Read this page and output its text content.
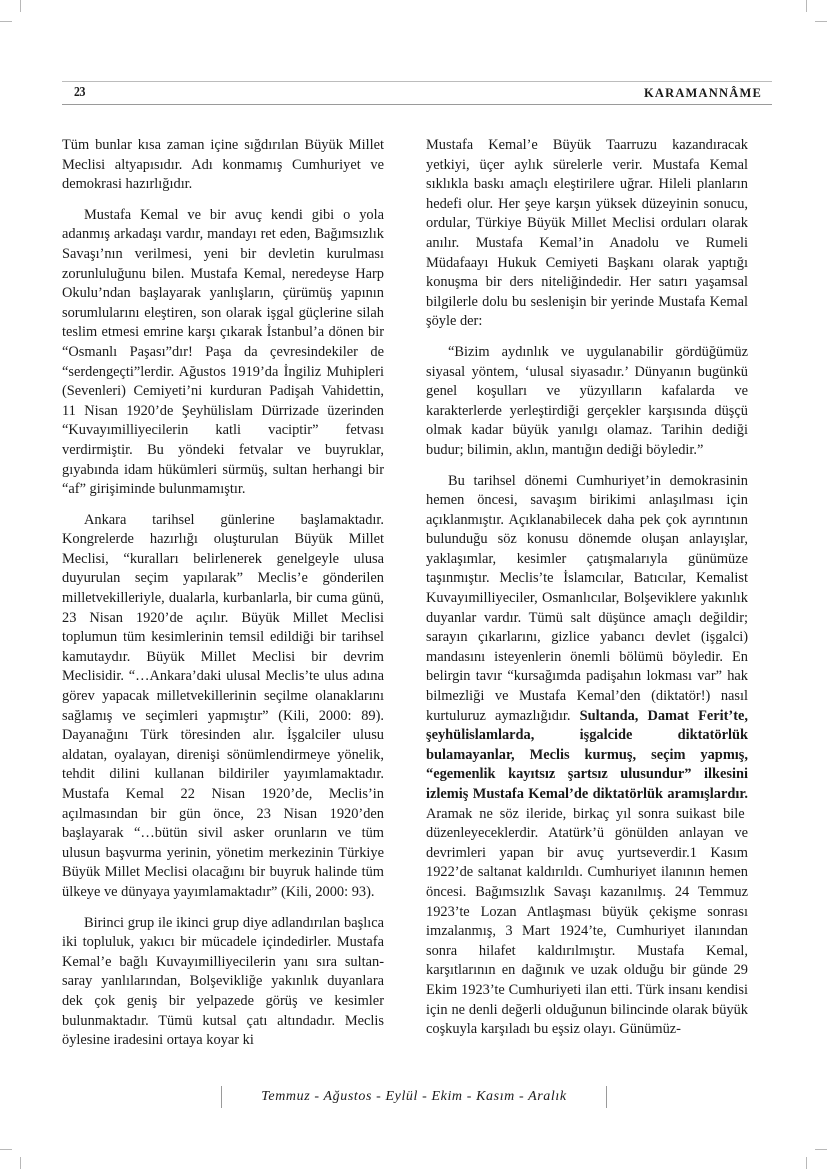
23	KARAMANNÂME

Tüm bunlar kısa zaman içine sığdırılan Büyük Millet Meclisi altyapısıdır. Adı konmamış Cumhuriyet ve demokrasi hazırlığıdır.

Mustafa Kemal ve bir avuç kendi gibi o yola adanmış arkadaşı vardır, mandayı ret eden, Bağımsızlık Savaşı’nın verilmesi, yeni bir devletin kurulması zorunluluğunu bilen. Mustafa Kemal, neredeyse Harp Okulu’ndan başlayarak yanlışların, çürümüş yapının sorumlularını eleştiren, son olarak işgal güçlerine silah teslim etmesi emrine karşı çıkarak İstanbul’a dönen bir “Osmanlı Paşası”dır! Paşa da çevresindekiler de “serdengeçti”lerdir. Ağustos 1919’da İngiliz Muhipleri (Sevenleri) Cemiyeti’ni kurduran Padişah Vahidettin, 11 Nisan 1920’de Şeyhülislam Dürrizade üzerinden “Kuvayımilliyecilerin katli vaciptir” fetvası verdirmiştir. Bu yöndeki fetvalar ve buyruklar, gıyabında idam hükümleri sürmüş, sultan herhangi bir “af” girişiminde bulunmamıştır.

Ankara tarihsel günlerine başlamaktadır. Kongrelerde hazırlığı oluşturulan Büyük Millet Meclisi, “kuralları belirlenerek genelgeyle ulusa duyurulan seçim yapılarak” Meclis’e gönderilen milletvekilleriyle, dualarla, kurbanlarla, bir cuma günü, 23 Nisan 1920’de açılır. Büyük Millet Meclisi toplumun tüm kesimlerinin temsil edildiği bir tarihsel kamutaydır. Büyük Millet Meclisi bir devrim Meclisidir. “…Ankara’daki ulusal Meclis’te ulus adına görev yapacak milletvekillerinin seçilme olanaklarını sağlamış ve seçimleri yapmıştır” (Kili, 2000: 89). Dayanağını Türk töresinden alır. İşgalciler ulusu aldatan, oyalayan, direnişi sönümlendirmeye yönelik, tehdit dilini kullanan bildiriler yayımlamaktadır. Mustafa Kemal 22 Nisan 1920’de, Meclis’in açılmasından bir gün önce, 23 Nisan 1920’den başlayarak “…bütün sivil asker orunların ve tüm ulusun başvurma yerinin, yönetim merkezinin Türkiye Büyük Millet Meclisi olacağını bir buyruk halinde tüm ülkeye ve dünyaya yayımlamaktadır” (Kili, 2000: 93).

Birinci grup ile ikinci grup diye adlandırılan başlıca iki topluluk, yakıcı bir mücadele içindedirler. Mustafa Kemal’e bağlı Kuvayımilliyecilerin yanı sıra sultan-saray yanlılarından, Bolşevikliğe yakınlık duyanlara dek çok geniş bir yelpazede görüş ve kesimler bulunmaktadır. Tümü kutsal çatı altındadır. Meclis öylesine iradesini ortaya koyar ki

Mustafa Kemal’e Büyük Taarruzu kazandıracak yetkiyi, üçer aylık sürelerle verir. Mustafa Kemal sıklıkla baskı amaçlı eleştirilere uğrar. Hileli planların hedefi olur. Her şeye karşın yüksek düzeyinin sonucu, ordular, Türkiye Büyük Millet Meclisi orduları olarak anılır. Mustafa Kemal’in Anadolu ve Rumeli Müdafaayı Hukuk Cemiyeti Başkanı olarak yaptığı konuşma bir ders niteliğindedir. Her satırı yaşamsal bilgilerle dolu bu seslenişin bir yerinde Mustafa Kemal şöyle der:

“Bizim aydınlık ve uygulanabilir gördüğümüz siyasal yöntem, ‘ulusal siyasadır.’ Dünyanın bugünkü genel koşulları ve yüzyılların kafalarda ve karakterlerde yerleştirdiği gerçekler karşısında düşçü olmak kadar büyük yanılgı olamaz. Tarihin dediği budur; bilimin, aklın, mantığın dediği böyledir.”

Bu tarihsel dönemi Cumhuriyet’in demokrasinin hemen öncesi, savaşım birikimi anlaşılması için açıklanmıştır. Açıklanabilecek daha pek çok ayrıntının bulunduğu söz konusu dönemde oluşan anlayışlar, yaklaşımlar, kesimler çatışmalarıyla günümüze taşınmıştır. Meclis’te İslamcılar, Batıcılar, Kemalist Kuvayımilliyeciler, Osmanlıcılar, Bolşeviklere yakınlık duyanlar vardır. Tümü salt düşünce amaçlı değildir; sarayın çıkarlarını, gizlice yabancı devlet (işgalci) mandasını isteyenlerin önemli bölümü böyledir. En belirgin tavır “kursağımda padişahın lokması var” hak bilmezliği ve Mustafa Kemal’den (diktatör!) nasıl kurtuluruz aymazlığıdır. Sultanda, Damat Ferit’te, şeyhülislamlarda, işgalcide diktatörlük bulamayanlar, Meclis kurmuş, seçim yapmış, “egemenlik kayıtsız şartsız ulusundur” ilkesini izlemiş Mustafa Kemal’de diktatörlük aramışlardır. Aramak ne söz ileride, birkaç yıl sonra suikast bile düzenleyeceklerdir. Atatürk’ü gönülden anlayan ve devrimleri yapan bir avuç yurtseverdir.1 Kasım 1922’de saltanat kaldırıldı. Cumhuriyet ilanının hemen öncesi. Bağımsızlık Savaşı kazanılmış. 24 Temmuz 1923’te Lozan Antlaşması büyük çekişme sonrası imzalanmış, 3 Mart 1924’te, Cumhuriyet ilanından sonra hilafet kaldırılmıştır. Mustafa Kemal, karşıtlarının en dağınık ve uzak olduğu bir günde 29 Ekim 1923’te Cumhuriyeti ilan etti. Türk insanı kendisi için ne denli değerli olduğunun bilincinde olarak büyük coşkuyla karşıladı bu eşsiz olayı. Günümüz-

Temmuz - Ağustos - Eylül - Ekim - Kasım - Aralık
